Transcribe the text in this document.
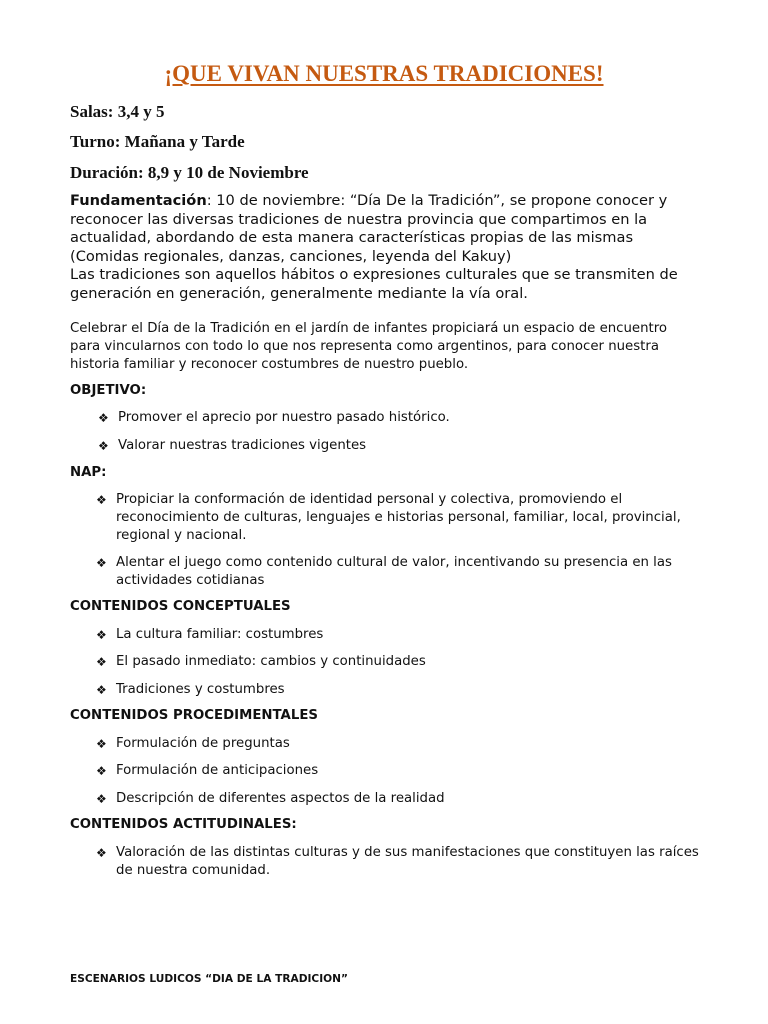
¡QUE VIVAN NUESTRAS TRADICIONES!

Salas: 3,4 y 5

Turno: Mañana y Tarde

Duración: 8,9 y 10 de Noviembre

Fundamentación: 10 de noviembre: “Día De la Tradición”, se propone conocer y reconocer las diversas tradiciones de nuestra provincia que compartimos en la actualidad, abordando de esta manera características propias de las mismas (Comidas regionales, danzas, canciones, leyenda del Kakuy)
Las tradiciones son aquellos hábitos o expresiones culturales que se transmiten de generación en generación, generalmente mediante la vía oral.

Celebrar el Día de la Tradición en el jardín de infantes propiciará un espacio de encuentro para vincularnos con todo lo que nos representa como argentinos, para conocer nuestra historia familiar y reconocer costumbres de nuestro pueblo.

OBJETIVO:

❖ Promover el aprecio por nuestro pasado histórico.

❖ Valorar nuestras tradiciones vigentes

NAP:

❖ Propiciar la conformación de identidad personal y colectiva, promoviendo el reconocimiento de culturas, lenguajes e historias personal, familiar, local, provincial, regional y nacional.

❖ Alentar el juego como contenido cultural de valor, incentivando su presencia en las actividades cotidianas

CONTENIDOS CONCEPTUALES

❖ La cultura familiar: costumbres

❖ El pasado inmediato: cambios y continuidades

❖ Tradiciones y costumbres

CONTENIDOS PROCEDIMENTALES

❖ Formulación de preguntas

❖ Formulación de anticipaciones

❖ Descripción de diferentes aspectos de la realidad

CONTENIDOS ACTITUDINALES:

❖ Valoración de las distintas culturas y de sus manifestaciones que constituyen las raíces de nuestra comunidad.

ESCENARIOS LUDICOS “DIA DE LA TRADICION”
